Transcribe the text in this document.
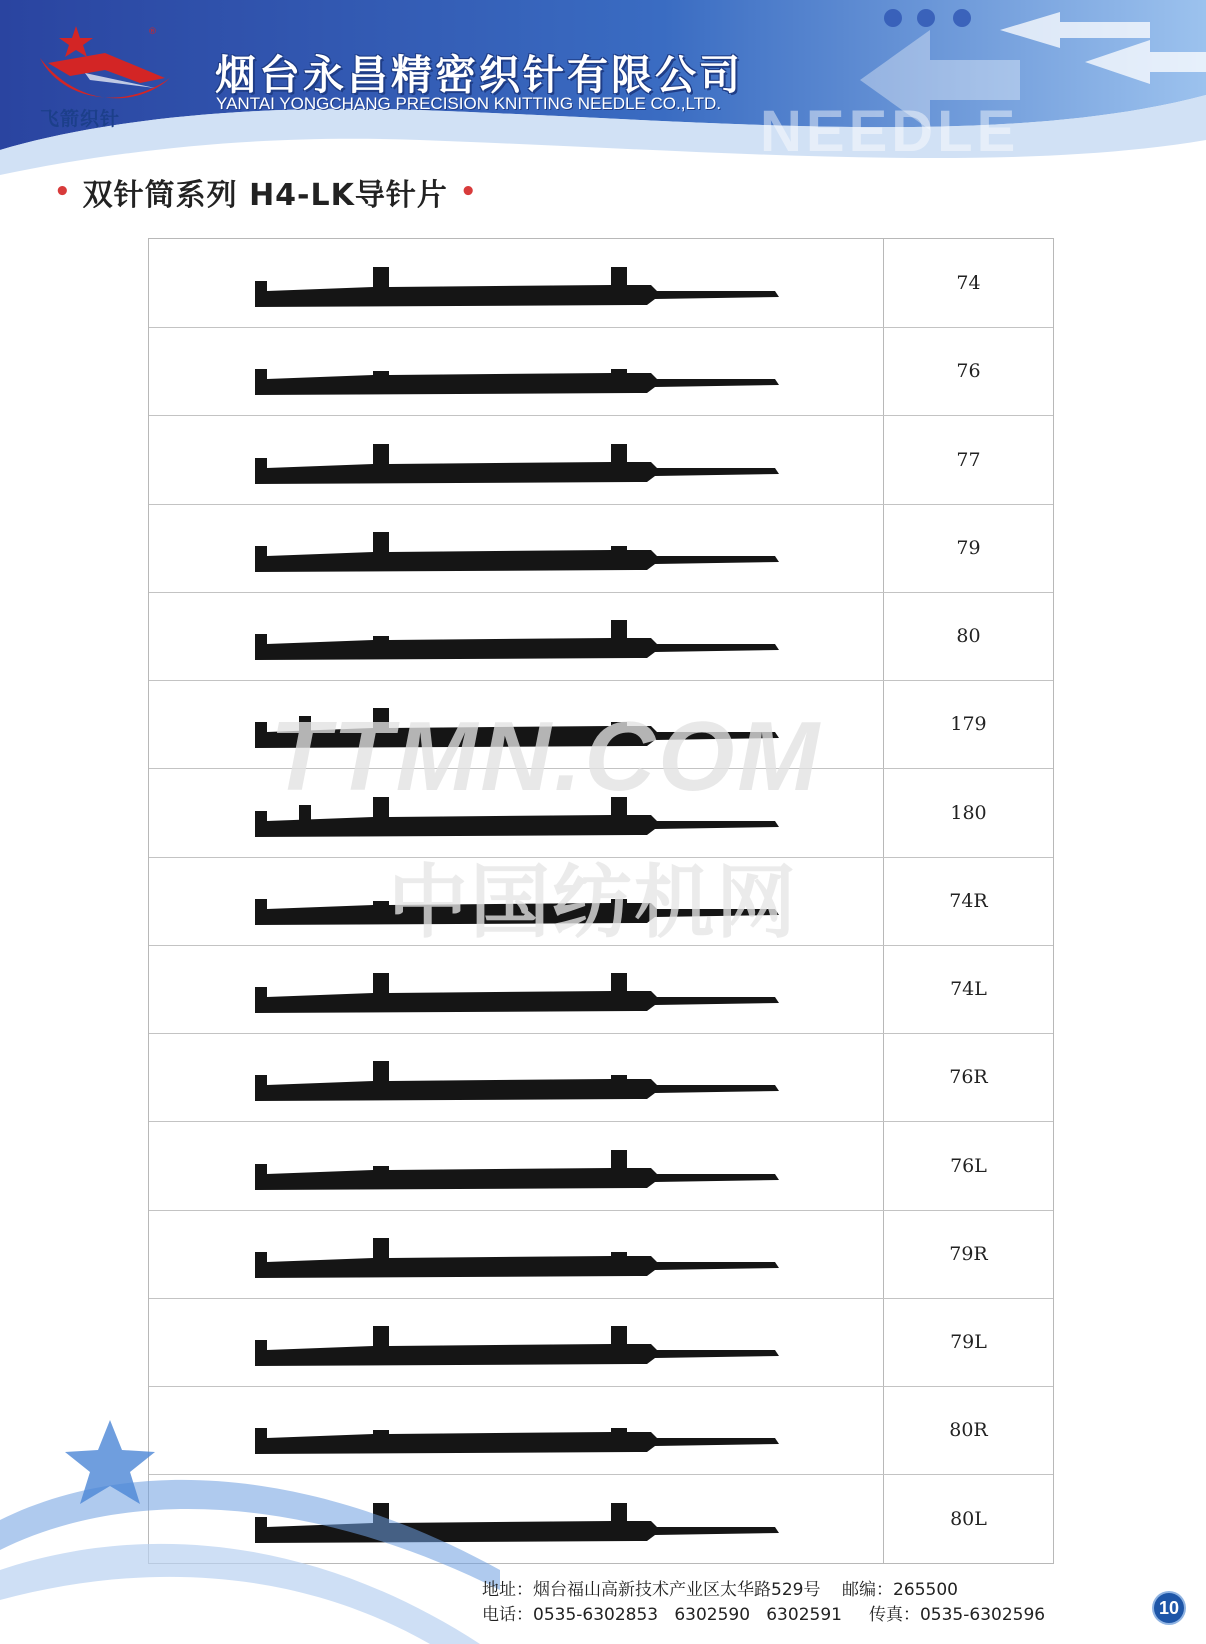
®
飞箭织针
烟台永昌精密织针有限公司
YANTAI YONGCHANG PRECISION KNITTING NEEDLE CO.,LTD. NEEDLE
• 双针筒系列 H4-LK导针片 •
74
76
77
79
80
179
180
74R
74L
76R
76L
79R
79L
80R
80L
TTMN.COM
中国纺机网
地址：烟台福山高新技术产业区太华路529号    邮编：265500
电话：0535-6302853   6302590   6302591     传真：0535-6302596	10
